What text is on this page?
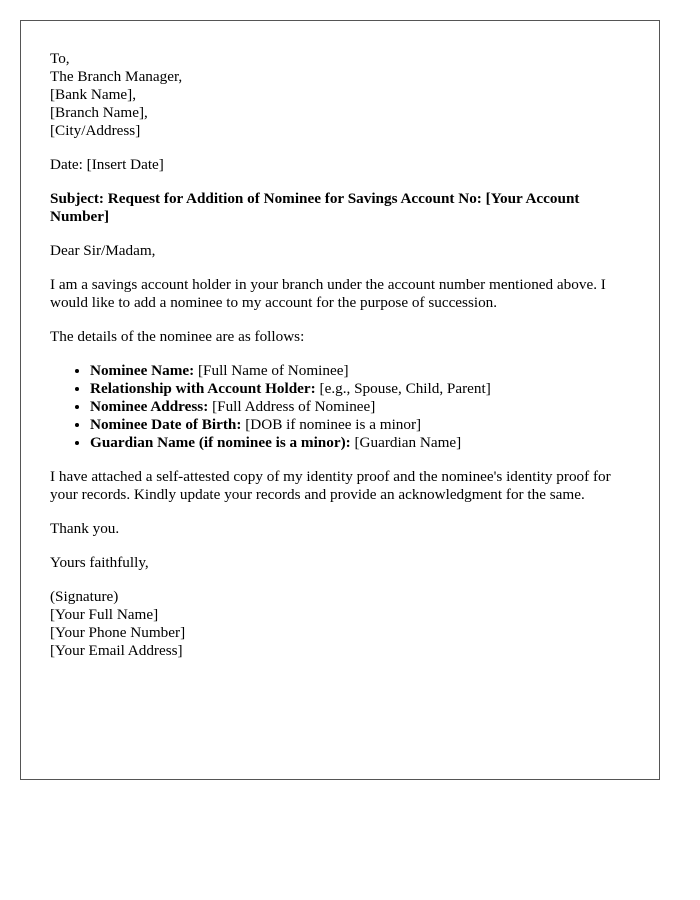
To,
The Branch Manager,
[Bank Name],
[Branch Name],
[City/Address]

Date: [Insert Date]

Subject: Request for Addition of Nominee for Savings Account No: [Your Account Number]

Dear Sir/Madam,

I am a savings account holder in your branch under the account number mentioned above. I would like to add a nominee to my account for the purpose of succession.

The details of the nominee are as follows:

• Nominee Name: [Full Name of Nominee]
• Relationship with Account Holder: [e.g., Spouse, Child, Parent]
• Nominee Address: [Full Address of Nominee]
• Nominee Date of Birth: [DOB if nominee is a minor]
• Guardian Name (if nominee is a minor): [Guardian Name]

I have attached a self-attested copy of my identity proof and the nominee's identity proof for your records. Kindly update your records and provide an acknowledgment for the same.

Thank you.

Yours faithfully,

(Signature)
[Your Full Name]
[Your Phone Number]
[Your Email Address]
